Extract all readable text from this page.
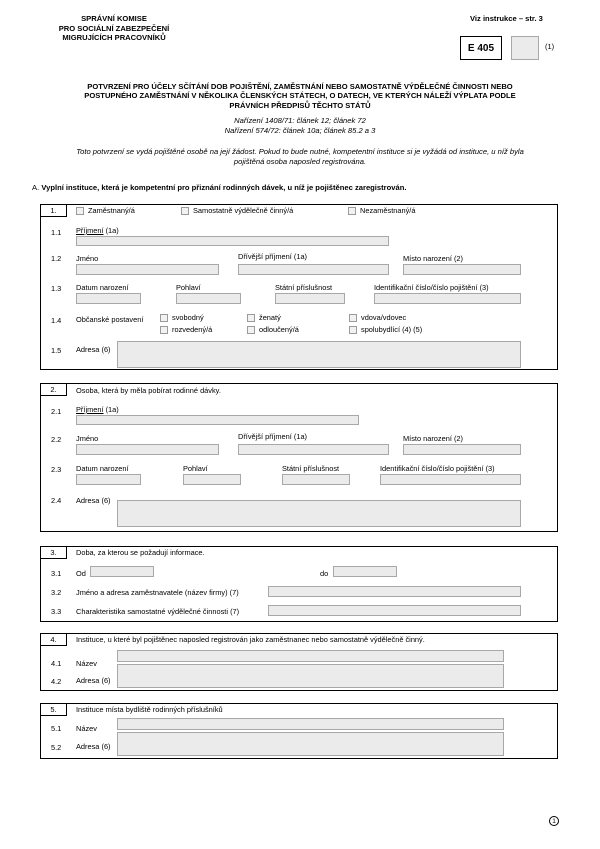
SPRÁVNÍ KOMISE
PRO SOCIÁLNÍ ZABEZPEČENÍ
MIGRUJÍCÍCH PRACOVNÍKŮ
Viz instrukce – str. 3
E 405	(1)
POTVRZENÍ PRO ÚČELY SČÍTÁNÍ DOB POJIŠTĚNÍ, ZAMĚSTNÁNÍ NEBO SAMOSTATNĚ VÝDĚLEČNÉ ČINNOSTI NEBO
POSTUPNÉHO ZAMĚSTNÁNÍ V NĚKOLIKA ČLENSKÝCH STÁTECH, O DATECH, VE KTERÝCH NÁLEŽÍ VÝPLATA PODLE
PRÁVNÍCH PŘEDPISŮ TĚCHTO STÁTŮ
Nařízení 1408/71: článek 12; článek 72
Nařízení 574/72: článek 10a; článek 85.2 a 3
Toto potvrzení se vydá pojištěné osobě na její žádost. Pokud to bude nutné, kompetentní instituce si je vyžádá od instituce, u níž byla
pojištěná osoba naposled registrována.
A. Vyplní instituce, která je kompetentní pro přiznání rodinných dávek, u níž je pojištěnec zaregistrován.
1.	Zaměstnaný/á	Samostatně výdělečně činný/á	Nezaměstnaný/á
1.1 Příjmení (1a)
1.2 Jméno	Dřívější příjmení (1a)	Místo narození (2)
1.3 Datum narození	Pohlaví	Státní příslušnost	Identifikační číslo/číslo pojištění (3)
1.4 Občanské postavení	svobodný	ženatý	vdova/vdovec
rozvedený/á	odloučený/á	spolubydlící (4) (5)
1.5 Adresa (6)
2.	Osoba, která by měla pobírat rodinné dávky.
2.1 Příjmení (1a)
2.2 Jméno	Dřívější příjmení (1a)	Místo narození (2)
2.3 Datum narození	Pohlaví	Státní příslušnost	Identifikační číslo/číslo pojištění (3)
2.4 Adresa (6)
3.	Doba, za kterou se požadují informace.
3.1 Od	do
3.2 Jméno a adresa zaměstnavatele (název firmy) (7)
3.3 Charakteristika samostatné výdělečné činnosti (7)
4.	Instituce, u které byl pojištěnec naposled registrován jako zaměstnanec nebo samostatně výdělečně činný.
4.1 Název
4.2 Adresa (6)
5.	Instituce místa bydliště rodinných příslušníků
5.1 Název
5.2 Adresa (6)
1
